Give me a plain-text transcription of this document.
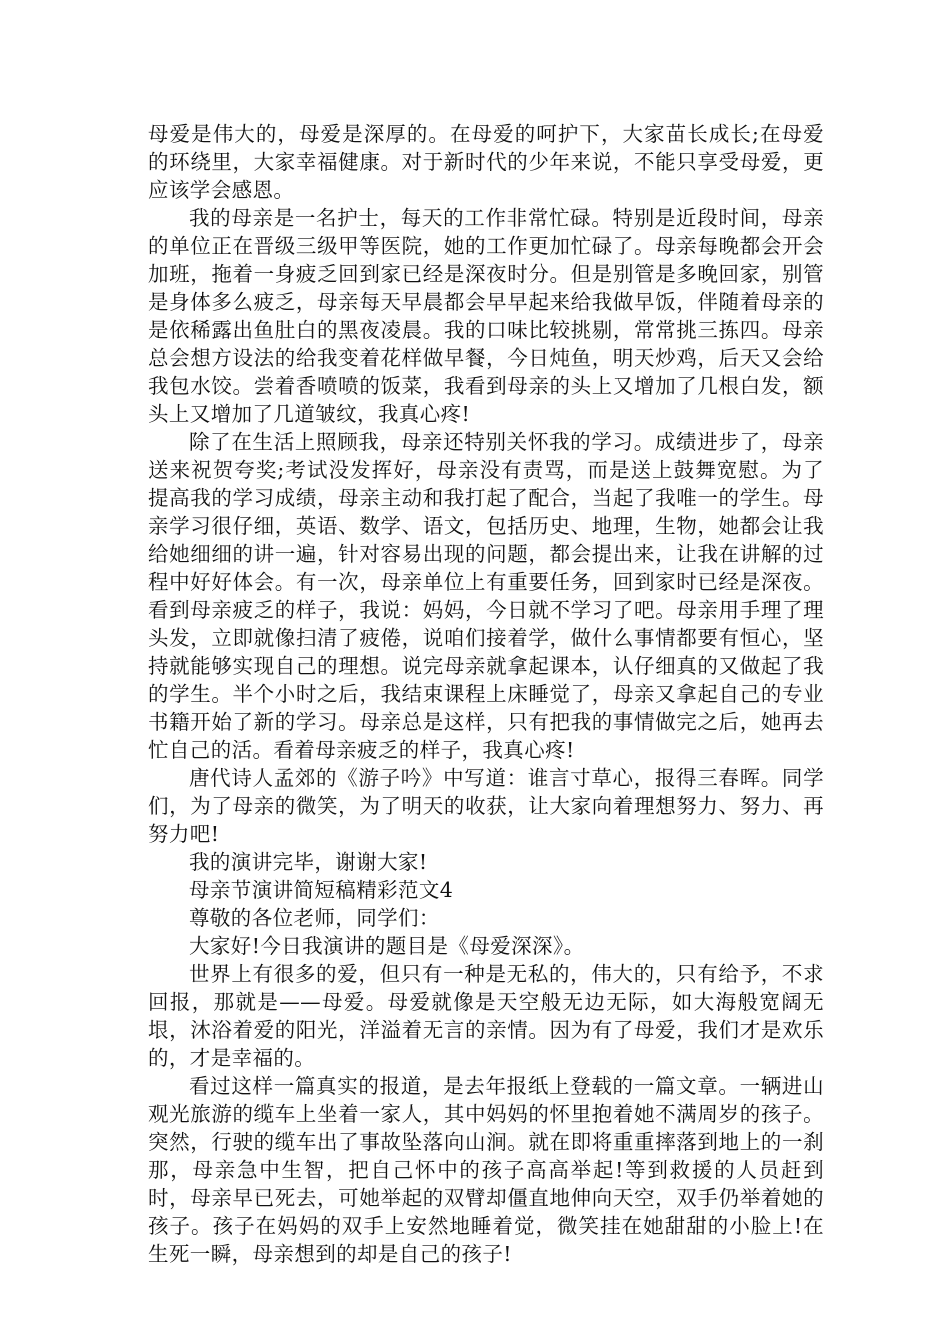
母爱是伟大的，母爱是深厚的。在母爱的呵护下，大家苗长成长;在母爱的环绕里，大家幸福健康。对于新时代的少年来说，不能只享受母爱，更应该学会感恩。

我的母亲是一名护士，每天的工作非常忙碌。特别是近段时间，母亲的单位正在晋级三级甲等医院，她的工作更加忙碌了。母亲每晚都会开会加班，拖着一身疲乏回到家已经是深夜时分。但是别管是多晚回家，别管是身体多么疲乏，母亲每天早晨都会早早起来给我做早饭，伴随着母亲的是依稀露出鱼肚白的黑夜凌晨。我的口味比较挑剔，常常挑三拣四。母亲总会想方设法的给我变着花样做早餐，今日炖鱼，明天炒鸡，后天又会给我包水饺。尝着香喷喷的饭菜，我看到母亲的头上又增加了几根白发，额头上又增加了几道皱纹，我真心疼!

除了在生活上照顾我，母亲还特别关怀我的学习。成绩进步了，母亲送来祝贺夸奖;考试没发挥好，母亲没有责骂，而是送上鼓舞宽慰。为了提高我的学习成绩，母亲主动和我打起了配合，当起了我唯一的学生。母亲学习很仔细，英语、数学、语文，包括历史、地理，生物，她都会让我给她细细的讲一遍，针对容易出现的问题，都会提出来，让我在讲解的过程中好好体会。有一次，母亲单位上有重要任务，回到家时已经是深夜。看到母亲疲乏的样子，我说：妈妈，今日就不学习了吧。母亲用手理了理头发，立即就像扫清了疲倦，说咱们接着学，做什么事情都要有恒心，坚持就能够实现自己的理想。说完母亲就拿起课本，认仔细真的又做起了我的学生。半个小时之后，我结束课程上床睡觉了，母亲又拿起自己的专业书籍开始了新的学习。母亲总是这样，只有把我的事情做完之后，她再去忙自己的活。看着母亲疲乏的样子，我真心疼!

唐代诗人孟郊的《游子吟》中写道：谁言寸草心，报得三春晖。同学们，为了母亲的微笑，为了明天的收获，让大家向着理想努力、努力、再努力吧!

我的演讲完毕，谢谢大家!

母亲节演讲简短稿精彩范文4

尊敬的各位老师，同学们：

大家好!今日我演讲的题目是《母爱深深》。

世界上有很多的爱，但只有一种是无私的，伟大的，只有给予，不求回报，那就是——母爱。母爱就像是天空般无边无际，如大海般宽阔无垠，沐浴着爱的阳光，洋溢着无言的亲情。因为有了母爱，我们才是欢乐的，才是幸福的。

看过这样一篇真实的报道，是去年报纸上登载的一篇文章。一辆进山观光旅游的缆车上坐着一家人，其中妈妈的怀里抱着她不满周岁的孩子。突然，行驶的缆车出了事故坠落向山涧。就在即将重重摔落到地上的一刹那，母亲急中生智，把自己怀中的孩子高高举起!等到救援的人员赶到时，母亲早已死去，可她举起的双臂却僵直地伸向天空，双手仍举着她的孩子。孩子在妈妈的双手上安然地睡着觉，微笑挂在她甜甜的小脸上!在生死一瞬，母亲想到的却是自己的孩子!
